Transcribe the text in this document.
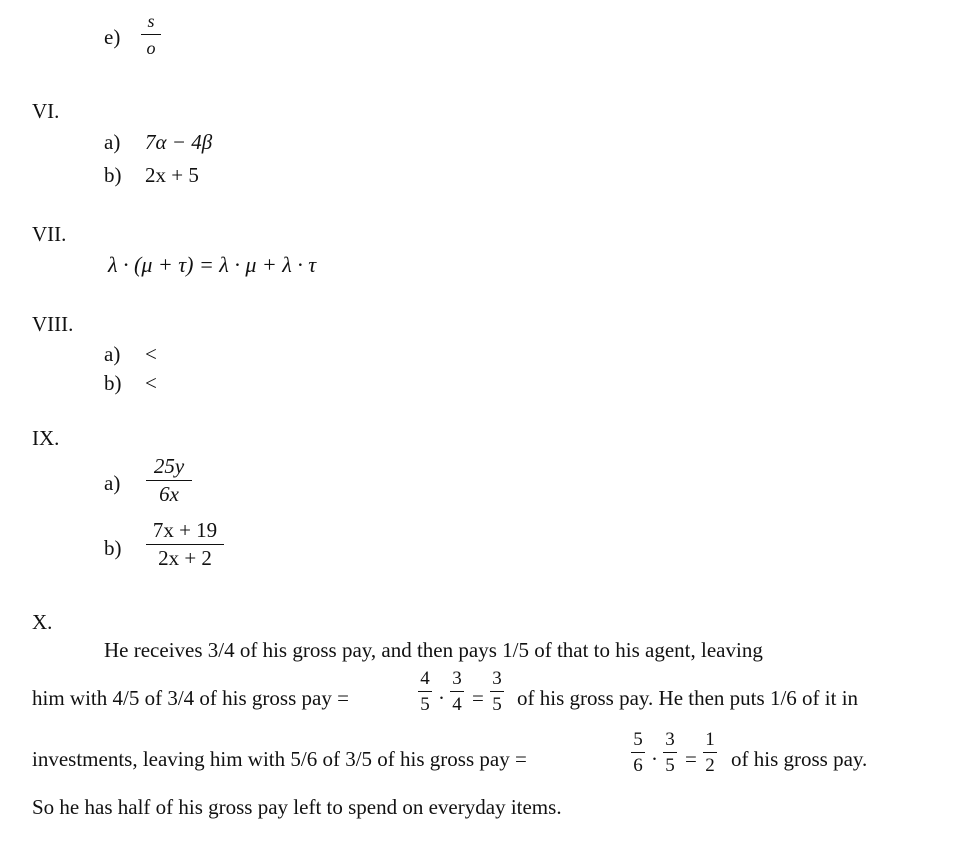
e)
s
o
VI.
a) 7α − 4β
b) 2x + 5
VII.
λ · (μ + τ) = λ · μ + λ · τ
VIII.
a) <
b) <
IX.
a)
25y
6x
b)
7x + 19
2x + 2
X.
He receives 3/4 of his gross pay, and then pays 1/5 of that to his agent, leaving
him with 4/5 of 3/4 of his gross pay =
4
5 ·
3
4 =
3
5 of his gross pay. He then puts 1/6 of it in
investments, leaving him with 5/6 of 3/5 of his gross pay =
5
6 ·
3
5 =
1
2 of his gross pay.
So he has half of his gross pay left to spend on everyday items.
